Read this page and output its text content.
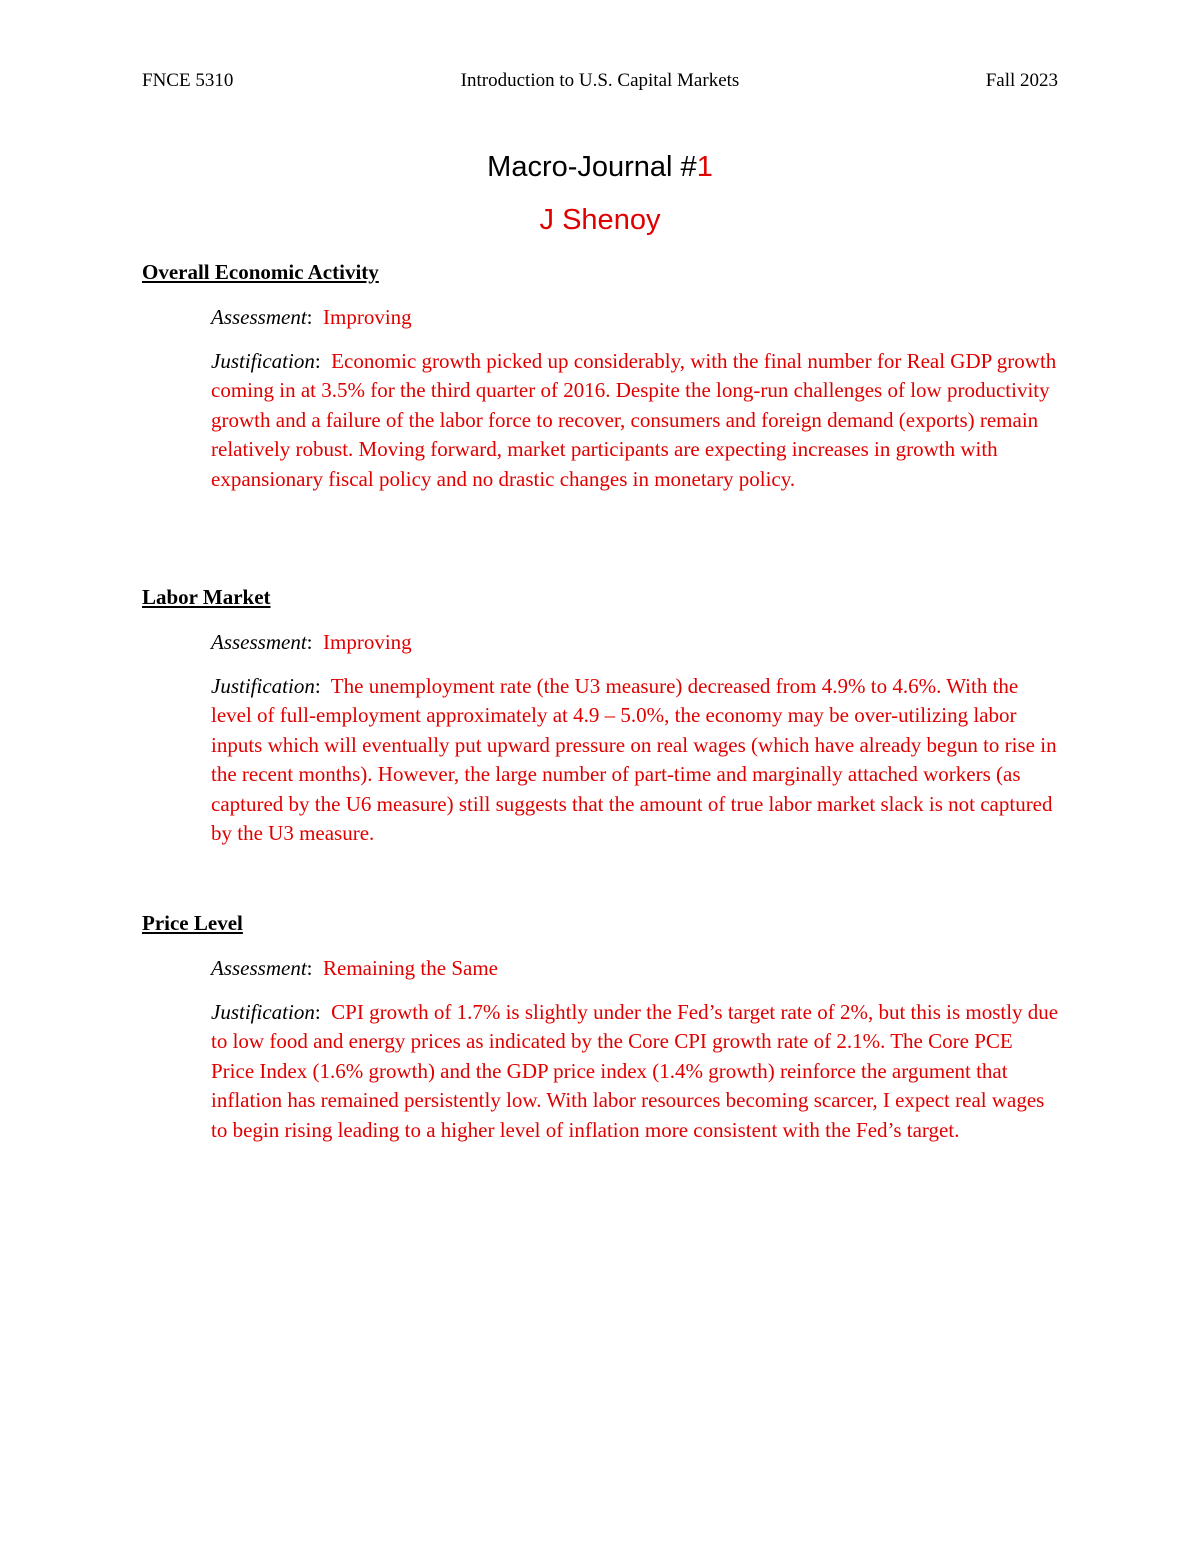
FNCE 5310	Introduction to U.S. Capital Markets	Fall 2023
Macro-Journal #1
J Shenoy
Overall Economic Activity
Assessment: Improving
Justification: Economic growth picked up considerably, with the final number for Real GDP growth coming in at 3.5% for the third quarter of 2016. Despite the long-run challenges of low productivity growth and a failure of the labor force to recover, consumers and foreign demand (exports) remain relatively robust. Moving forward, market participants are expecting increases in growth with expansionary fiscal policy and no drastic changes in monetary policy.
Labor Market
Assessment: Improving
Justification: The unemployment rate (the U3 measure) decreased from 4.9% to 4.6%. With the level of full-employment approximately at 4.9 – 5.0%, the economy may be over-utilizing labor inputs which will eventually put upward pressure on real wages (which have already begun to rise in the recent months). However, the large number of part-time and marginally attached workers (as captured by the U6 measure) still suggests that the amount of true labor market slack is not captured by the U3 measure.
Price Level
Assessment: Remaining the Same
Justification: CPI growth of 1.7% is slightly under the Fed’s target rate of 2%, but this is mostly due to low food and energy prices as indicated by the Core CPI growth rate of 2.1%. The Core PCE Price Index (1.6% growth) and the GDP price index (1.4% growth) reinforce the argument that inflation has remained persistently low. With labor resources becoming scarcer, I expect real wages to begin rising leading to a higher level of inflation more consistent with the Fed’s target.
